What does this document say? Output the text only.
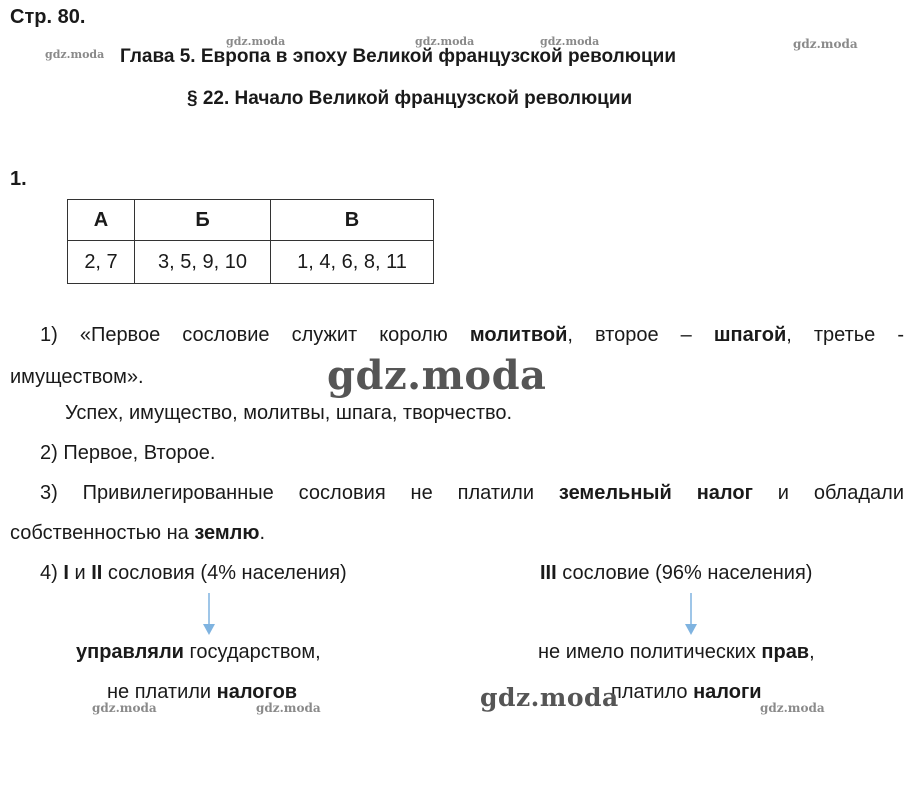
Стр. 80.
Глава 5. Европа в эпоху Великой французской революции
§ 22. Начало Великой французской революции
gdz.moda
gdz.moda	gdz.moda	gdz.moda	gdz.moda
1.
А	Б	В
2, 7	3, 5, 9, 10	1, 4, 6, 8, 11
1) «Первое сословие служит королю молитвой, второе – шпагой, третье -
имуществом».
Успех, имущество, молитвы, шпага, творчество.
gdz.moda
2) Первое, Второе.
3) Привилегированные сословия не платили земельный налог и обладали
собственностью на землю.
4) I и II сословия (4% населения)	III сословие (96% населения)
управляли государством,
не платили налогов
не имело политических прав,
платило налоги
gdz.moda
gdz.moda	gdz.moda	gdz.moda
